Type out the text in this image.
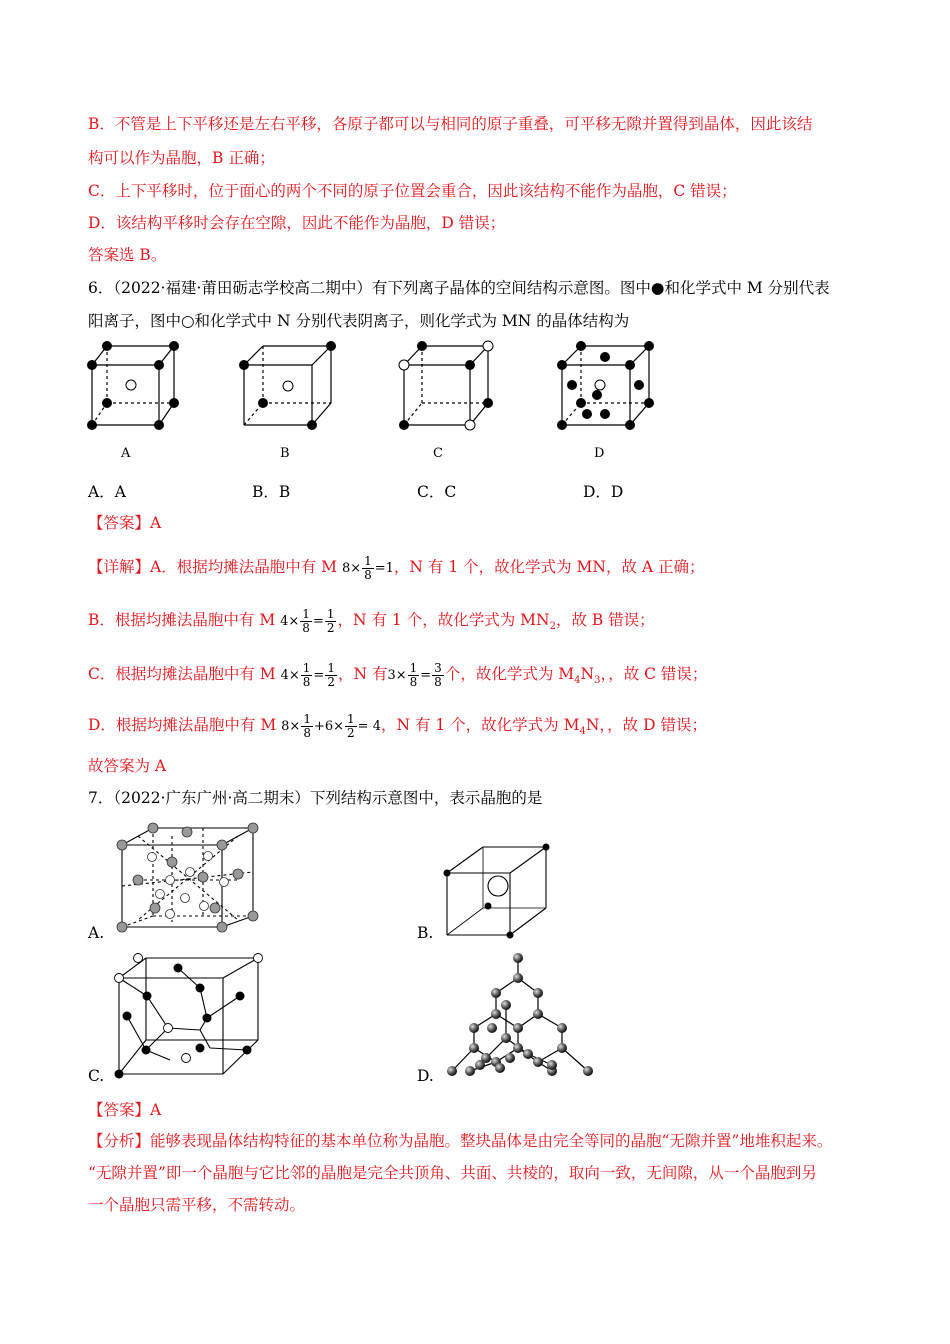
B．不管是上下平移还是左右平移，各原子都可以与相同的原子重叠，可平移无隙并置得到晶体，因此该结
构可以作为晶胞，B 正确；
C．上下平移时，位于面心的两个不同的原子位置会重合，因此该结构不能作为晶胞，C 错误；
D．该结构平移时会存在空隙，因此不能作为晶胞，D 错误；
答案选 B。
6．（2022·福建·莆田砺志学校高二期中）有下列离子晶体的空间结构示意图。图中●和化学式中 M 分别代表
阳离子，图中○和化学式中 N 分别代表阴离子，则化学式为 MN 的晶体结构为
A	B	C	D
A．A	B．B	C．C	D．D
【答案】A
【详解】A．根据均摊法晶胞中有 M $8\times \frac{1}{8} =1$，N 有 1 个，故化学式为 MN，故 A 正确；
B．根据均摊法晶胞中有 M $4\times \frac{1}{8} = \frac{1}{2}$ ，N 有 1 个，故化学式为 $MN_2$，故 B 错误；
C．根据均摊法晶胞中有 M $4\times \frac{1}{8} = \frac{1}{2}$ ，N 有$3\times \frac{1}{8} = \frac{3}{8}$ 个，故化学式为 $M_4N_3$，，故 C 错误；
D．根据均摊法晶胞中有 M $8\times \frac{1}{8} +6\times \frac{1}{2} = 4$，N 有 1 个，故化学式为 $M_4N$，，故 D 错误；
故答案为 A
7．（2022·广东广州·高二期末）下列结构示意图中，表示晶胞的是
A.	B.
C.	D.
【答案】A
【分析】能够表现晶体结构特征的基本单位称为晶胞。整块晶体是由完全等同的晶胞“无隙并置”地堆积起来。
“无隙并置”即一个晶胞与它比邻的晶胞是完全共顶角、共面、共棱的，取向一致，无间隙，从一个晶胞到另
一个晶胞只需平移，不需转动。
